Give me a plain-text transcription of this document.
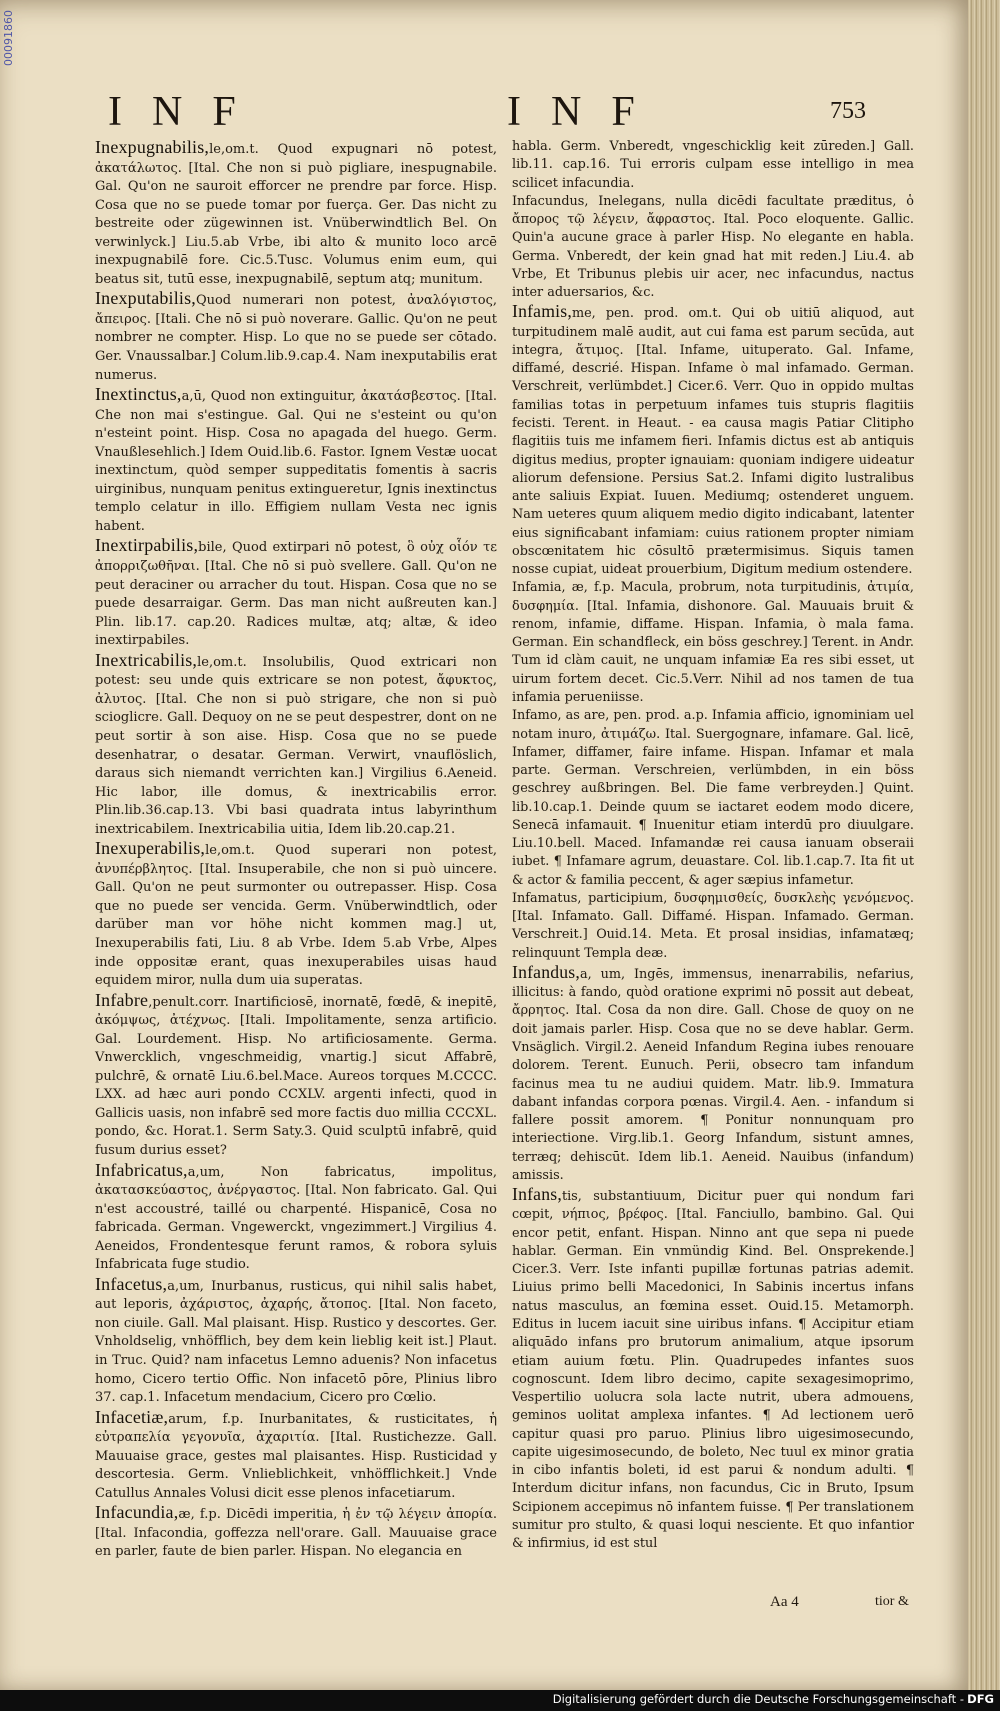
00091860
INF	INF	753

Inexpugnabilis,le,om.t. Quod expugnari nō potest, ἀκατάλωτος. [Ital. Che non si può pigliare, inespugnabile. Gal. Qu'on ne sauroit efforcer ne prendre par force. Hisp. Cosa que no se puede tomar por fuerça. Ger. Das nicht zu bestreite oder zügewinnen ist. Vnüberwindtlich Bel. On verwinlyck.] Liu.5.ab Vrbe, ibi alto & munito loco arcē inexpugnabilē fore. Cic.5.Tusc. Volumus enim eum, qui beatus sit, tutū esse, inexpugnabilē, septum atq; munitum.

Inexputabilis,Quod numerari non potest, ἀναλόγιστος, ἄπειρος. [Itali. Che nō si può noverare. Gallic. Qu'on ne peut nombrer ne compter. Hisp. Lo que no se puede ser cōtado. Ger. Vnaussalbar.] Colum.lib.9.cap.4. Nam inexputabilis erat numerus.

Inextinctus,a,ū, Quod non extinguitur, ἀκατάσβεστος. [Ital. Che non mai s'estingue. Gal. Qui ne s'esteint ou qu'on n'esteint point. Hisp. Cosa no apagada del huego. Germ. Vnaußlesehlich.] Idem Ouid.lib.6. Fastor. Ignem Vestæ uocat inextinctum, quòd semper suppeditatis fomentis à sacris uirginibus, nunquam penitus extingueretur, Ignis inextinctus templo celatur in illo. Effigiem nullam Vesta nec ignis habent.

Inextirpabilis,bile, Quod extirpari nō potest, ὃ οὐχ οἷόν τε ἀπορριζωθῆναι. [Ital. Che nō si può svellere. Gall. Qu'on ne peut deraciner ou arracher du tout. Hispan. Cosa que no se puede desarraigar. Germ. Das man nicht außreuten kan.] Plin. lib.17. cap.20. Radices multæ, atq; altæ, & ideo inextirpabiles.

Inextricabilis,le,om.t. Insolubilis, Quod extricari non potest: seu unde quis extricare se non potest, ἄφυκτος, ἀλυτος. [Ital. Che non si può strigare, che non si può scioglicre. Gall. Dequoy on ne se peut despestrer, dont on ne peut sortir à son aise. Hisp. Cosa que no se puede desenhatrar, o desatar. German. Verwirt, vnauflöslich, daraus sich niemandt verrichten kan.] Virgilius 6.Aeneid. Hic labor, ille domus, & inextricabilis error. Plin.lib.36.cap.13. Vbi basi quadrata intus labyrinthum inextricabilem. Inextricabilia uitia, Idem lib.20.cap.21.

Inexuperabilis,le,om.t. Quod superari non potest, ἀνυπέρβλητος. [Ital. Insuperabile, che non si può uincere. Gall. Qu'on ne peut surmonter ou outrepasser. Hisp. Cosa que no puede ser vencida. Germ. Vnüberwindtlich, oder darüber man vor höhe nicht kommen mag.] ut, Inexuperabilis fati, Liu. 8 ab Vrbe. Idem 5.ab Vrbe, Alpes inde oppositæ erant, quas inexuperabiles uisas haud equidem miror, nulla dum uia superatas.

Infabre,penult.corr. Inartificiosē, inornatē, fœdē, & inepitē, ἀκόμψως, ἀτέχνως. [Itali. Impolitamente, senza artificio. Gal. Lourdement. Hisp. No artificiosamente. Germa. Vnwercklich, vngeschmeidig, vnartig.] sicut Affabrē, pulchrē, & ornatē Liu.6.bel.Mace. Aureos torques M.CCCC. LXX. ad hæc auri pondo CCXLV. argenti infecti, quod in Gallicis uasis, non infabrē sed more factis duo millia CCCXL. pondo, &c. Horat.1. Serm Saty.3. Quid sculptū infabrē, quid fusum durius esset?

Infabricatus,a,um, Non fabricatus, impolitus, ἀκατασκεύαστος, ἀνέργαστος. [Ital. Non fabricato. Gal. Qui n'est accoustré, taillé ou charpenté. Hispanicē, Cosa no fabricada. German. Vngewerckt, vngezimmert.] Virgilius 4. Aeneidos, Frondentesque ferunt ramos, & robora syluis Infabricata fuge studio.

Infacetus,a,um, Inurbanus, rusticus, qui nihil salis habet, aut leporis, ἀχάριστος, ἀχαρής, ἄτοπος. [Ital. Non faceto, non ciuile. Gall. Mal plaisant. Hisp. Rustico y descortes. Ger. Vnholdselig, vnhöfflich, bey dem kein lieblig keit ist.] Plaut. in Truc. Quid? nam infacetus Lemno aduenis? Non infacetus homo, Cicero tertio Offic. Non infacetō pōre, Plinius libro 37. cap.1. Infacetum mendacium, Cicero pro Cœlio.

Infacetiæ,arum, f.p. Inurbanitates, & rusticitates, ἡ εὐτραπελία γεγονυῖα, ἀχαριτία. [Ital. Rustichezze. Gall. Mauuaise grace, gestes mal plaisantes. Hisp. Rusticidad y descortesia. Germ. Vnlieblichkeit, vnhöfflichkeit.] Vnde Catullus Annales Volusi dicit esse plenos infacetiarum.

Infacundia,æ, f.p. Dicēdi imperitia, ἡ ἐν τῷ λέγειν ἀπορία. [Ital. Infacondia, goffezza nell'orare. Gall. Mauuaise grace en parler, faute de bien parler. Hispan. No elegancia en

habla. Germ. Vnberedt, vngeschicklig keit zūreden.] Gall. lib.11. cap.16. Tui erroris culpam esse intelligo in mea scilicet infacundia.

Infacundus, Inelegans, nulla dicēdi facultate præditus, ὁ ἄπορος τῷ λέγειν, ἄφραστος. Ital. Poco eloquente. Gallic. Quin'a aucune grace à parler Hisp. No elegante en habla. Germa. Vnberedt, der kein gnad hat mit reden.] Liu.4. ab Vrbe, Et Tribunus plebis uir acer, nec infacundus, nactus inter aduersarios, &c.

Infamis,me, pen. prod. om.t. Qui ob uitiū aliquod, aut turpitudinem malē audit, aut cui fama est parum secūda, aut integra, ἄτιμος. [Ital. Infame, uituperato. Gal. Infame, diffamé, descrié. Hispan. Infame ò mal infamado. German. Verschreit, verlümbdet.] Cicer.6. Verr. Quo in oppido multas familias totas in perpetuum infames tuis stupris flagitiis fecisti. Terent. in Heaut. - ea causa magis Patiar Clitipho flagitiis tuis me infamem fieri. Infamis dictus est ab antiquis digitus medius, propter ignauiam: quoniam indigere uideatur aliorum defensione. Persius Sat.2. Infami digito lustralibus ante saliuis Expiat. Iuuen. Mediumq; ostenderet unguem. Nam ueteres quum aliquem medio digito indicabant, latenter eius significabant infamiam: cuius rationem propter nimiam obscœnitatem hic cōsultō prætermisimus. Siquis tamen nosse cupiat, uideat prouerbium, Digitum medium ostendere.

Infamia, æ, f.p. Macula, probrum, nota turpitudinis, ἀτιμία, δυσφημία. [Ital. Infamia, dishonore. Gal. Mauuais bruit & renom, infamie, diffame. Hispan. Infamia, ò mala fama. German. Ein schandfleck, ein böss geschrey.] Terent. in Andr. Tum id clàm cauit, ne unquam infamiæ Ea res sibi esset, ut uirum fortem decet. Cic.5.Verr. Nihil ad nos tamen de tua infamia perueniisse.

Infamo, as are, pen. prod. a.p. Infamia afficio, ignominiam uel notam inuro, ἀτιμάζω. Ital. Suergognare, infamare. Gal. licē, Infamer, diffamer, faire infame. Hispan. Infamar et mala parte. German. Verschreien, verlümbden, in ein böss geschrey außbringen. Bel. Die fame verbreyden.] Quint. lib.10.cap.1. Deinde quum se iactaret eodem modo dicere, Senecā infamauit. ¶ Inuenitur etiam interdū pro diuulgare. Liu.10.bell. Maced. Infamandæ rei causa ianuam obseraii iubet. ¶ Infamare agrum, deuastare. Col. lib.1.cap.7. Ita fit ut & actor & familia peccent, & ager sæpius infametur.

Infamatus, participium, δυσφημισθείς, δυσκλεὴς γενόμενος. [Ital. Infamato. Gall. Diffamé. Hispan. Infamado. German. Verschreit.] Ouid.14. Meta. Et prosal insidias, infamatæq; relinquunt Templa deæ.

Infandus,a, um, Ingēs, immensus, inenarrabilis, nefarius, illicitus: à fando, quòd oratione exprimi nō possit aut debeat, ἄρρητος. Ital. Cosa da non dire. Gall. Chose de quoy on ne doit jamais parler. Hisp. Cosa que no se deve hablar. Germ. Vnsäglich. Virgil.2. Aeneid Infandum Regina iubes renouare dolorem. Terent. Eunuch. Perii, obsecro tam infandum facinus mea tu ne audiui quidem. Matr. lib.9. Immatura dabant infandas corpora pœnas. Virgil.4. Aen. - infandum si fallere possit amorem. ¶ Ponitur nonnunquam pro interiectione. Virg.lib.1. Georg Infandum, sistunt amnes, terræq; dehiscūt. Idem lib.1. Aeneid. Nauibus (infandum) amissis.

Infans,tis, substantiuum, Dicitur puer qui nondum fari cœpit, νήπιος, βρέφος. [Ital. Fanciullo, bambino. Gal. Qui encor petit, enfant. Hispan. Ninno ant que sepa ni puede hablar. German. Ein vnmündig Kind. Bel. Onsprekende.] Cicer.3. Verr. Iste infanti pupillæ fortunas patrias ademit. Liuius primo belli Macedonici, In Sabinis incertus infans natus masculus, an fœmina esset. Ouid.15. Metamorph. Editus in lucem iacuit sine uiribus infans. ¶ Accipitur etiam aliquādo infans pro brutorum animalium, atque ipsorum etiam auium fœtu. Plin. Quadrupedes infantes suos cognoscunt. Idem libro decimo, capite sexagesimoprimo, Vespertilio uolucra sola lacte nutrit, ubera admouens, geminos uolitat amplexa infantes. ¶ Ad lectionem uerō capitur quasi pro paruo. Plinius libro uigesimosecundo, capite uigesimosecundo, de boleto, Nec tuul ex minor gratia in cibo infantis boleti, id est parui & nondum adulti. ¶ Interdum dicitur infans, non facundus, Cic in Bruto, Ipsum Scipionem accepimus nō infantem fuisse. ¶ Per translationem sumitur pro stulto, & quasi loqui nesciente. Et quo infantior & infirmius, id est stul

Aa 4	tior &
Digitalisierung gefördert durch die Deutsche Forschungsgemeinschaft - DFG
